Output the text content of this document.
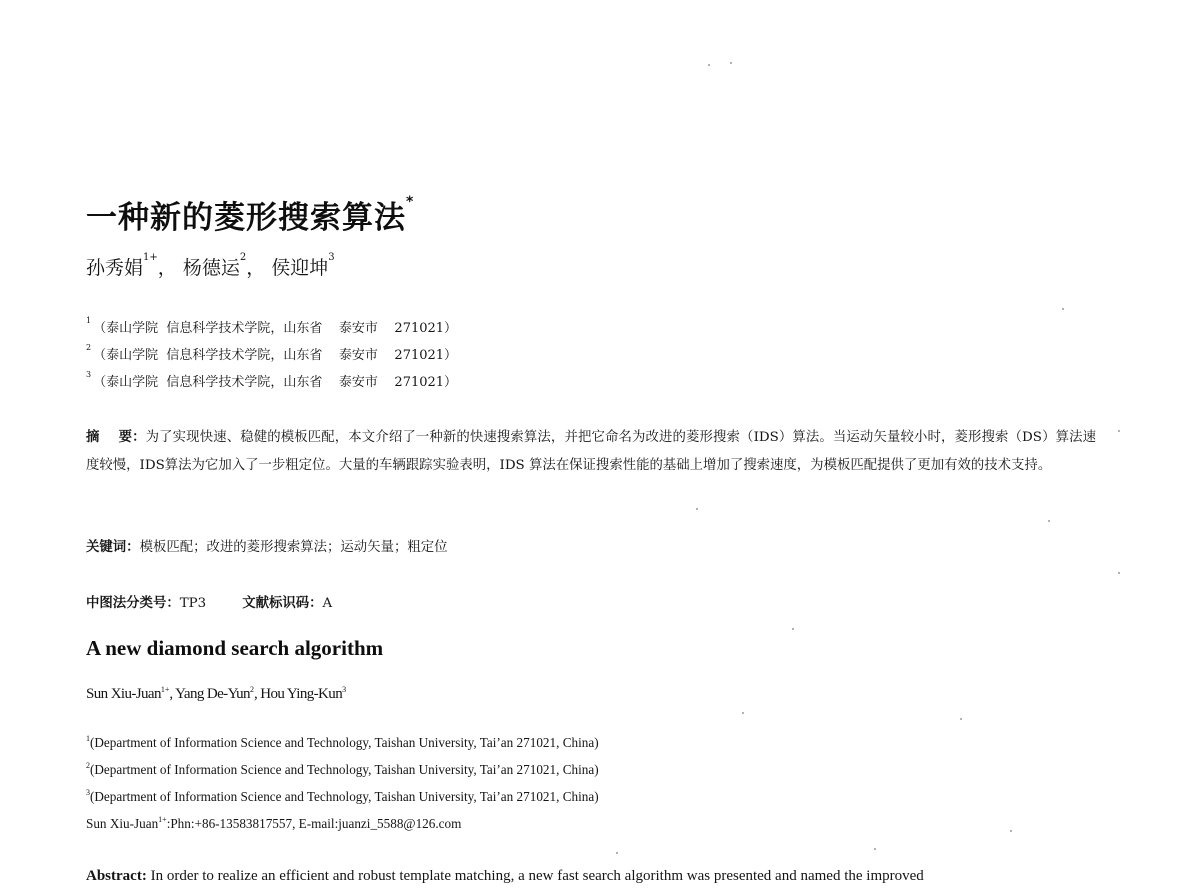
一种新的菱形搜索算法*
孙秀娟$^{1+}$， 杨德运$^2$， 侯迎坤$^3$
$^1$（泰山学院  信息科学技术学院，山东省    泰安市    271021）
$^2$（泰山学院  信息科学技术学院，山东省    泰安市    271021）
$^3$（泰山学院  信息科学技术学院，山东省    泰安市    271021）
摘    要：为了实现快速、稳健的模板匹配，本文介绍了一种新的快速搜索算法，并把它命名为改进的菱形搜索（IDS）算法。当运动矢量较小时，菱形搜索（DS）算法速度较慢，IDS算法为它加入了一步粗定位。大量的车辆跟踪实验表明，IDS 算法在保证搜索性能的基础上增加了搜索速度，为模板匹配提供了更加有效的技术支持。
关键词：模板匹配；改进的菱形搜索算法；运动矢量；粗定位
中图法分类号：TP3	文献标识码：A
A new diamond search algorithm
Sun Xiu-Juan$^{1+}$, Yang De-Yun$^2$, Hou Ying-Kun$^3$
$^1$(Department of Information Science and Technology, Taishan University, Tai’an 271021, China)
$^2$(Department of Information Science and Technology, Taishan University, Tai’an 271021, China)
$^3$(Department of Information Science and Technology, Taishan University, Tai’an 271021, China)
Sun Xiu-Juan$^{1+}$:Phn:+86-13583817557, E-mail:juanzi_5588@126.com
Abstract: In order to realize an efficient and robust template matching, a new fast search algorithm was presented and named the improved
